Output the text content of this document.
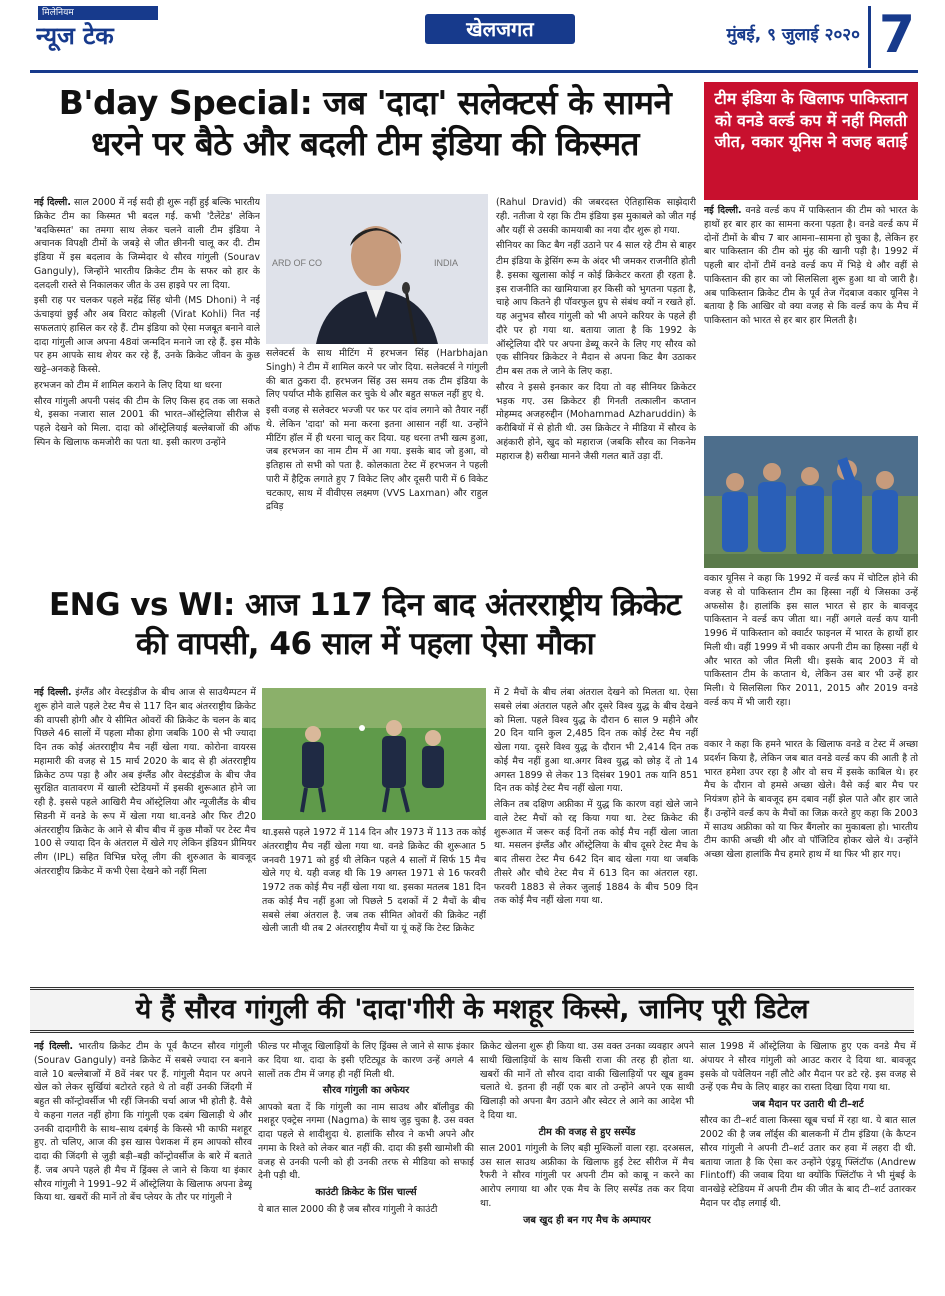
मिलेनियम
न्यूज टेक	खेलजगत	मुंबई, ९ जुलाई २०२० 7
B'day Special: जब 'दादा' सलेक्टर्स के सामने
धरने पर बैठे और बदली टीम इंडिया की किस्मत
टीम इंडिया के खिलाफ पाकिस्तान को वनडे वर्ल्ड कप में नहीं मिलती जीत, वकार यूनिस ने वजह बताई

नई दिल्ली. साल 2000 में नई सदी ही शुरू नहीं हुई बल्कि भारतीय क्रिकेट टीम का किस्मत भी बदल गई. कभी 'टैलेंटेड' लेकिन 'बदकिस्मत' का तमगा साथ लेकर चलने वाली टीम इंडिया ने अचानक विपक्षी टीमों के जबड़े से जीत छीननी चालू कर दी. टीम इंडिया में इस बदलाव के जिम्मेदार थे सौरव गांगुली (Sourav Ganguly), जिन्होंने भारतीय क्रिकेट टीम के सफर को हार के दलदली रास्ते से निकालकर जीत के उस हाइवे पर ला दिया.

इसी राह पर चलकर पहले महेंद्र सिंह धोनी (MS Dhoni) ने नई ऊंचाइयां छुईं और अब विराट कोहली (Virat Kohli) नित नई सफलताएं हासिल कर रहे हैं. टीम इंडिया को ऐसा मजबूत बनाने वाले दादा गांगुली आज अपना 48वां जन्मदिन मनाने जा रहे हैं. इस मौके पर हम आपके साथ शेयर कर रहे हैं, उनके क्रिकेट जीवन के कुछ खट्टे–अनकहे किस्से.

हरभजन को टीम में शामिल कराने के लिए दिया था धरना

सौरव गांगुली अपनी पसंद की टीम के लिए किस हद तक जा सकते थे, इसका नजारा साल 2001 की भारत–ऑस्ट्रेलिया सीरीज से पहले देखने को मिला. दादा को ऑस्ट्रेलियाई बल्लेबाजों की ऑफ स्पिन के खिलाफ कमजोरी का पता था. इसी कारण उन्होंने

ARD OF CO	INDIA

सलेक्टर्स के साथ मीटिंग में हरभजन सिंह (Harbhajan Singh) ने टीम में शामिल करने पर जोर दिया. सलेक्टर्स ने गांगुली की बात ठुकरा दी. हरभजन सिंह उस समय तक टीम इंडिया के लिए पर्याप्त मौके हासिल कर चुके थे और बहुत सफल नहीं हुए थे.

इसी वजह से सलेक्टर भज्जी पर फर पर दांव लगाने को तैयार नहीं थे. लेकिन 'दादा' को मना करना इतना आसान नहीं था. उन्होंने मीटिंग हॉल में ही धरना चालू कर दिया. यह धरना तभी खत्म हुआ, जब हरभजन का नाम टीम में आ गया. इसके बाद जो हुआ, वो इतिहास तो सभी को पता है. कोलकाता टेस्ट में हरभजन ने पहली पारी में हैट्रिक लगाते हुए 7 विकेट लिए और दूसरी पारी में 6 विकेट चटकाए, साथ में वीवीएस लक्ष्मण (VVS Laxman) और राहुल द्रविड़

(Rahul Dravid) की जबरदस्त ऐतिहासिक साझेदारी रही. नतीजा ये रहा कि टीम इंडिया इस मुकाबले को जीत गई और यहीं से उसकी कामयाबी का नया दौर शुरू हो गया.

सीनियर का किट बैग नहीं उठाने पर 4 साल रहे टीम से बाहर

टीम इंडिया के ड्रेसिंग रूम के अंदर भी जमकर राजनीति होती है. इसका खुलासा कोई न कोई क्रिकेटर करता ही रहता है. इस राजनीति का खामियाजा हर किसी को भुगतना पड़ता है, चाहे आप कितने ही पॉवरफुल ग्रुप से संबंध क्यों न रखते हों. यह अनुभव सौरव गांगुली को भी अपने करियर के पहले ही दौरे पर हो गया था. बताया जाता है कि 1992 के ऑस्ट्रेलिया दौरे पर अपना डेब्यू करने के लिए गए सौरव को एक सीनियर क्रिकेटर ने मैदान से अपना किट बैग उठाकर टीम बस तक ले जाने के लिए कहा.

सौरव ने इससे इनकार कर दिया तो वह सीनियर क्रिकेटर भड़क गए. उस क्रिकेटर ही गिनती तत्कालीन कप्तान मोहम्मद अजहरुद्दीन (Mohammad Azharuddin) के करीबियों में से होती थी. उस क्रिकेटर ने मीडिया में सौरव के अहंकारी होने, खुद को महाराज (जबकि सौरव का निकनेम महाराज है) सरीखा मानने जैसी गलत बातें उड़ा दीं.

नई दिल्ली. वनडे वर्ल्ड कप में पाकिस्तान की टीम को भारत के हाथों हर बार हार का सामना करना पड़ता है। वनडे वर्ल्ड कप में दोनों टीमों के बीच 7 बार आमना–सामना हो चुका है, लेकिन हर बार पाकिस्तान की टीम को मुंह की खानी पड़ी है। 1992 में पहली बार दोनों टीमें वनडे वर्ल्ड कप में भिड़े थे और वहीं से पाकिस्तान की हार का जो सिलसिला शुरू हुआ था वो जारी है। अब पाकिस्तान क्रिकेट टीम के पूर्व तेज गेंदबाज वकार यूनिस ने बताया है कि आखिर वो क्या वजह से कि वर्ल्ड कप के मैच में पाकिस्तान को भारत से हर बार हार मिलती है।

वकार यूनिस ने कहा कि 1992 में वर्ल्ड कप में चोटिल होने की वजह से वो पाकिस्तान टीम का हिस्सा नहीं थे जिसका उन्हें अफसोस है। हालांकि इस साल भारत से हार के बावजूद पाकिस्तान ने वर्ल्ड कप जीता था। नहीं अगले वर्ल्ड कप यानी 1996 में पाकिस्तान को क्वार्टर फाइनल में भारत के हाथों हार मिली थी। वहीं 1999 में भी वकार अपनी टीम का हिस्सा नहीं थे और भारत को जीत मिली थी। इसके बाद 2003 में वो पाकिस्तान टीम के कप्तान थे, लेकिन उस बार भी उन्हें हार मिली। ये सिलसिला फिर 2011, 2015 और 2019 वनडे वर्ल्ड कप में भी जारी रहा।

वकार ने कहा कि हमने भारत के खिलाफ वनडे व टेस्ट में अच्छा प्रदर्शन किया है, लेकिन जब बात वनडे वर्ल्ड कप की आती है तो भारत हमेशा उपर रहा है और वो सच में इसके काबिल थे। हर मैच के दौरान वो हमसे अच्छा खेले। वैसे कई बार मैच पर नियंत्रण होने के बावजूद हम दबाव नहीं झेल पाते और हार जाते हैं। उन्होंने वर्ल्ड कप के मैचों का जिक्र करते हुए कहा कि 2003 में साउथ अफ्रीका को या फिर बैंगलोर का मुकाबला हो। भारतीय टीम काफी अच्छी थी और वो पॉजिटिव होकर खेले थे। उन्होंने अच्छा खेला हालांकि मैच हमारे हाथ में था फिर भी हार गए।

ENG vs WI: आज 117 दिन बाद अंतरराष्ट्रीय क्रिकेट
की वापसी, 46 साल में पहला ऐसा मौका

नई दिल्ली. इंग्लैंड और वेस्टइंडीज के बीच आज से साउथैम्पटन में शुरू होने वाले पहले टेस्ट मैच से 117 दिन बाद अंतरराष्ट्रीय क्रिकेट की वापसी होगी और ये सीमित ओवरों की क्रिकेट के चलन के बाद पिछले 46 सालों में पहला मौका होगा जबकि 100 से भी ज्यादा दिन तक कोई अंतरराष्ट्रीय मैच नहीं खेला गया. कोरोना वायरस महामारी की वजह से 15 मार्च 2020 के बाद से ही अंतरराष्ट्रीय क्रिकेट ठप्प पड़ा है और अब इंग्लैंड और वेस्टइंडीज के बीच जैव सुरक्षित वातावरण में खाली स्टेडियमों में इसकी शुरूआत होने जा रही है. इससे पहले आखिरी मैच ऑस्ट्रेलिया और न्यूजीलैंड के बीच सिडनी में वनडे के रूप में खेला गया था.वनडे और फिर टी20 अंतरराष्ट्रीय क्रिकेट के आने से बीच बीच में कुछ मौकों पर टेस्ट मैच 100 से ज्यादा दिन के अंतराल में खेले गए लेकिन इंडियन प्रीमियर लीग (IPL) सहित विभिन्न घरेलू लीग की शुरुआत के बावजूद अंतरराष्ट्रीय क्रिकेट में कभी ऐसा देखने को नहीं मिला

था.इससे पहले 1972 में 114 दिन और 1973 में 113 तक कोई अंतरराष्ट्रीय मैच नहीं खेला गया था. वनडे क्रिकेट की शुरूआत 5 जनवरी 1971 को हुई थी लेकिन पहले 4 सालों में सिर्फ 15 मैच खेले गए थे. यही वजह थी कि 19 अगस्त 1971 से 16 फरवरी 1972 तक कोई मैच नहीं खेला गया था. इसका मतलब 181 दिन तक कोई मैच नहीं हुआ जो पिछले 5 दशकों में 2 मैचों के बीच सबसे लंबा अंतराल है. जब तक सीमित ओवरों की क्रिकेट नहीं खेली जाती थी तब 2 अंतरराष्ट्रीय मैचों या यूं कहें कि टेस्ट क्रिकेट

में 2 मैचों के बीच लंबा अंतराल देखने को मिलता था. ऐसा सबसे लंबा अंतराल पहले और दूसरे विश्व युद्ध के बीच देखने को मिला. पहले विश्व युद्ध के दौरान 6 साल 9 महीने और 20 दिन यानि कुल 2,485 दिन तक कोई टेस्ट मैच नहीं खेला गया. दूसरे विश्व युद्ध के दौरान भी 2,414 दिन तक कोई मैच नहीं हुआ था.अगर विश्व युद्ध को छोड़ दें तो 14 अगस्त 1899 से लेकर 13 दिसंबर 1901 तक यानि 851 दिन तक कोई टेस्ट मैच नहीं खेला गया.

लेकिन तब दक्षिण अफ्रीका में युद्ध कि कारण वहां खेले जाने वाले टेस्ट मैचों को रद्द किया गया था. टेस्ट क्रिकेट की शुरूआत में जरूर कई दिनों तक कोई मैच नहीं खेला जाता था. मसलन इंग्लैंड और ऑस्ट्रेलिया के बीच दूसरे टेस्ट मैच के बाद तीसरा टेस्ट मैच 642 दिन बाद खेला गया था जबकि तीसरे और चौथे टेस्ट मैच में 613 दिन का अंतराल रहा. फरवरी 1883 से लेकर जुलाई 1884 के बीच 509 दिन तक कोई मैच नहीं खेला गया था.

ये हैं सौरव गांगुली की 'दादा'गीरी के मशहूर किस्से, जानिए पूरी डिटेल

नई दिल्ली. भारतीय क्रिकेट टीम के पूर्व कैप्टन सौरव गांगुली (Sourav Ganguly) वनडे क्रिकेट में सबसे ज्यादा रन बनाने वाले 10 बल्लेबाजों में 8वें नंबर पर हैं. गांगुली मैदान पर अपने खेल को लेकर सुर्खियां बटोरते रहते थे तो वहीं उनकी जिंदगी में बहुत सी कॉन्ट्रोवर्सीज भी रहीं जिनकी चर्चा आज भी होती है. वैसे ये कहना गलत नहीं होगा कि गांगुली एक दबंग खिलाड़ी थे और उनकी दादागीरी के साथ–साथ दबंगई के किस्से भी काफी मशहूर हुए. तो चलिए, आज की इस खास पेशकश में हम आपको सौरव दादा की जिंदगी से जुड़ी बड़ी–बड़ी कॉन्ट्रोवर्सीज के बारे में बताते हैं. जब अपने पहले ही मैच में ड्रिंक्स ले जाने से किया था इंकार सौरव गांगुली ने 1991–92 में ऑस्ट्रेलिया के खिलाफ अपना डेब्यू किया था. खबरों की मानें तो बेंच प्लेयर के तौर पर गांगुली ने

फील्ड पर मौजूद खिलाड़ियों के लिए ड्रिंक्स ले जाने से साफ इंकार कर दिया था. दादा के इसी एटिट्यूड के कारण उन्हें अगले 4 सालों तक टीम में जगह ही नहीं मिली थी.

सौरव गांगुली का अफेयर

आपको बता दें कि गांगुली का नाम साउथ और बॉलीवुड की मशहूर एक्ट्रेस नगमा (Nagma) के साथ जुड़ चुका है. उस वक्त दादा पहले से शादीशुदा थे. हालांकि सौरव ने कभी अपने और नगमा के रिश्ते को लेकर बात नहीं की. दादा की इसी खामोशी की वजह से उनकी पत्नी को ही उनकी तरफ से मीडिया को सफाई देनी पड़ी थी.

काउंटी क्रिकेट के प्रिंस चार्ल्स

ये बात साल 2000 की है जब सौरव गांगुली ने काउंटी

क्रिकेट खेलना शुरू ही किया था. उस वक्त उनका व्यवहार अपने साथी खिलाड़ियों के साथ किसी राजा की तरह ही होता था. खबरों की मानें तो सौरव दादा वाकी खिलाड़ियों पर खूब हुक्म चलाते थे. इतना ही नहीं एक बार तो उन्होंने अपने एक साथी खिलाड़ी को अपना बैग उठाने और स्वेटर ले आने का आदेश भी दे दिया था.

टीम की वजह से हुए सस्पेंड

साल 2001 गांगुली के लिए बड़ी मुश्किलों वाला रहा. दरअसल, उस साल साउथ अफ्रीका के खिलाफ हुई टेस्ट सीरीज में मैच रैफरी ने सौरव गांगुली पर अपनी टीम को काबू न करने का आरोप लगाया था और एक मैच के लिए सस्पेंड तक कर दिया था.

जब खुद ही बन गए मैच के अम्पायर

साल 1998 में ऑस्ट्रेलिया के खिलाफ हुए एक वनडे मैच में अंपायर ने सौरव गांगुली को आउट करार दे दिया था. बावजूद इसके वो पवेलियन नहीं लौटे और मैदान पर डटे रहे. इस वजह से उन्हें एक मैच के लिए बाहर का रास्ता दिखा दिया गया था.

जब मैदान पर उतारी थी टी–शर्ट

सौरव का टी–शर्ट वाला किस्सा खूब चर्चा में रहा था. ये बात साल 2002 की है जब लॉर्ड्स की बालकनी में टीम इंडिया (के कैप्टन सौरव गांगुली ने अपनी टी–शर्ट उतार कर हवा में लहरा दी थी. बताया जाता है कि ऐसा कर उन्होंने एंड्रयू फ्लिंटॉफ (Andrew Flintoff) की जवाब दिया था क्योंकि फ्लिंटॉफ ने भी मुंबई के वानखेड़े स्टेडियम में अपनी टीम की जीत के बाद टी–शर्ट उतारकर मैदान पर दौड़ लगाई थी.
